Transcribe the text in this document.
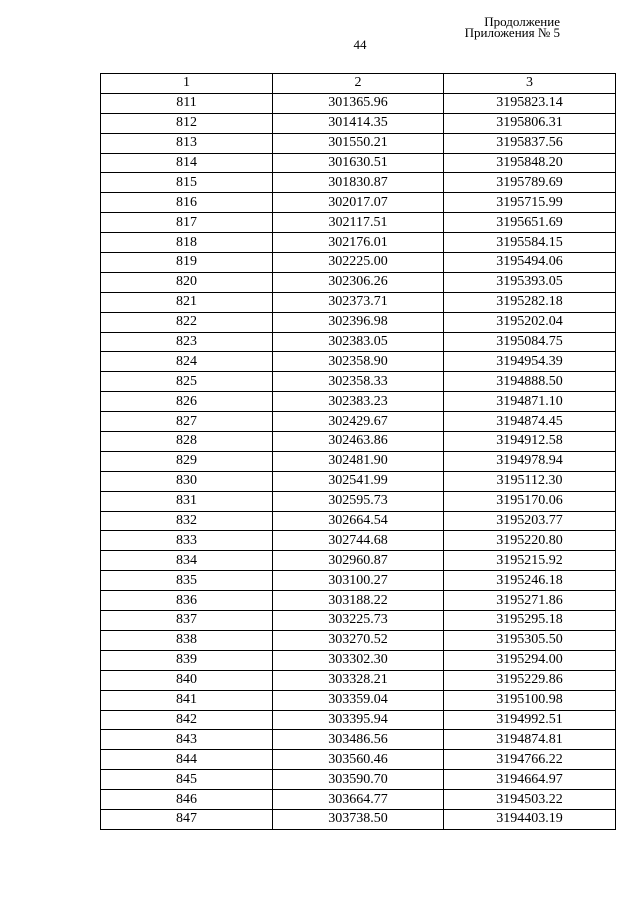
Продолжение
Приложения № 5
44
1	2	3
811	301365.96	3195823.14
812	301414.35	3195806.31
813	301550.21	3195837.56
814	301630.51	3195848.20
815	301830.87	3195789.69
816	302017.07	3195715.99
817	302117.51	3195651.69
818	302176.01	3195584.15
819	302225.00	3195494.06
820	302306.26	3195393.05
821	302373.71	3195282.18
822	302396.98	3195202.04
823	302383.05	3195084.75
824	302358.90	3194954.39
825	302358.33	3194888.50
826	302383.23	3194871.10
827	302429.67	3194874.45
828	302463.86	3194912.58
829	302481.90	3194978.94
830	302541.99	3195112.30
831	302595.73	3195170.06
832	302664.54	3195203.77
833	302744.68	3195220.80
834	302960.87	3195215.92
835	303100.27	3195246.18
836	303188.22	3195271.86
837	303225.73	3195295.18
838	303270.52	3195305.50
839	303302.30	3195294.00
840	303328.21	3195229.86
841	303359.04	3195100.98
842	303395.94	3194992.51
843	303486.56	3194874.81
844	303560.46	3194766.22
845	303590.70	3194664.97
846	303664.77	3194503.22
847	303738.50	3194403.19
